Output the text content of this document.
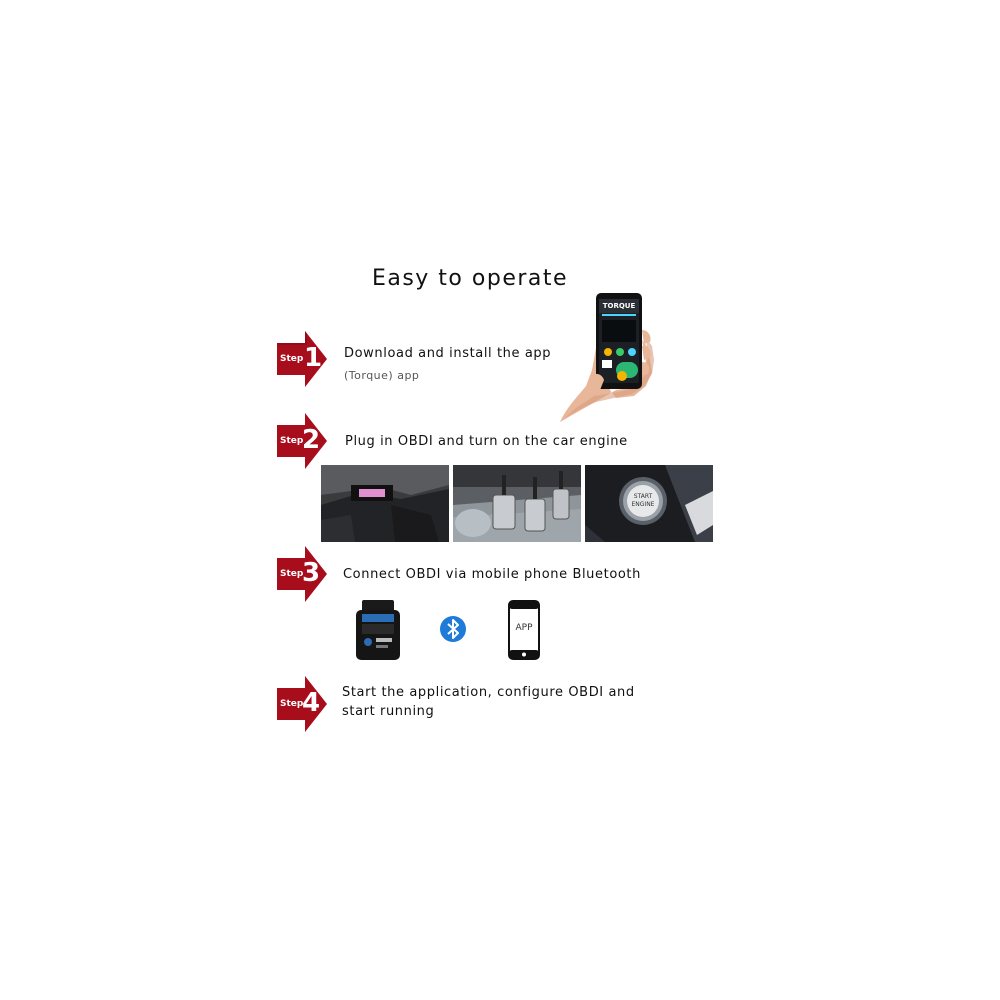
Easy to operate
Step 1 Download and install the app
(Torque) app
TORQUE
Step
2 Plug in OBDI and turn on the car engine
START
ENGINE
Step
3 Connect OBDI via mobile phone Bluetooth
APP
Step
4 Start the application, configure OBDI and
start running
